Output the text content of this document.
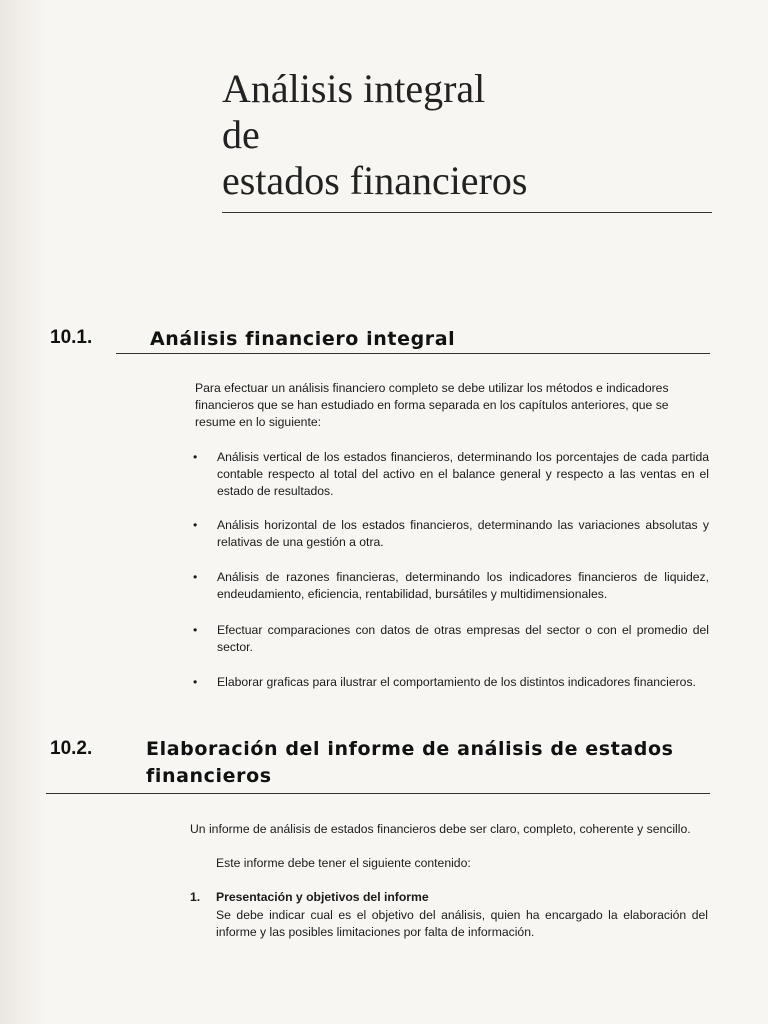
Análisis integral
de
estados financieros
10.1.	Análisis financiero integral
Para efectuar un análisis financiero completo se debe utilizar los métodos e indicadores financieros que se han estudiado en forma separada en los capítulos anteriores, que se resume en lo siguiente:
• Análisis vertical de los estados financieros, determinando los porcentajes de cada partida contable respecto al total del activo en el balance general y respecto a las ventas en el estado de resultados.
• Análisis horizontal de los estados financieros, determinando las variaciones absolutas y relativas de una gestión a otra.
• Análisis de razones financieras, determinando los indicadores financieros de liquidez, endeudamiento, eficiencia, rentabilidad, bursátiles y multidimensionales.
• Efectuar comparaciones con datos de otras empresas del sector o con el promedio del sector.
• Elaborar graficas para ilustrar el comportamiento de los distintos indicadores financieros.
10.2.	Elaboración del informe de análisis de estados financieros
Un informe de análisis de estados financieros debe ser claro, completo, coherente y sencillo.
Este informe debe tener el siguiente contenido:
1. Presentación y objetivos del informe
Se debe indicar cual es el objetivo del análisis, quien ha encargado la elaboración del informe y las posibles limitaciones por falta de información.
